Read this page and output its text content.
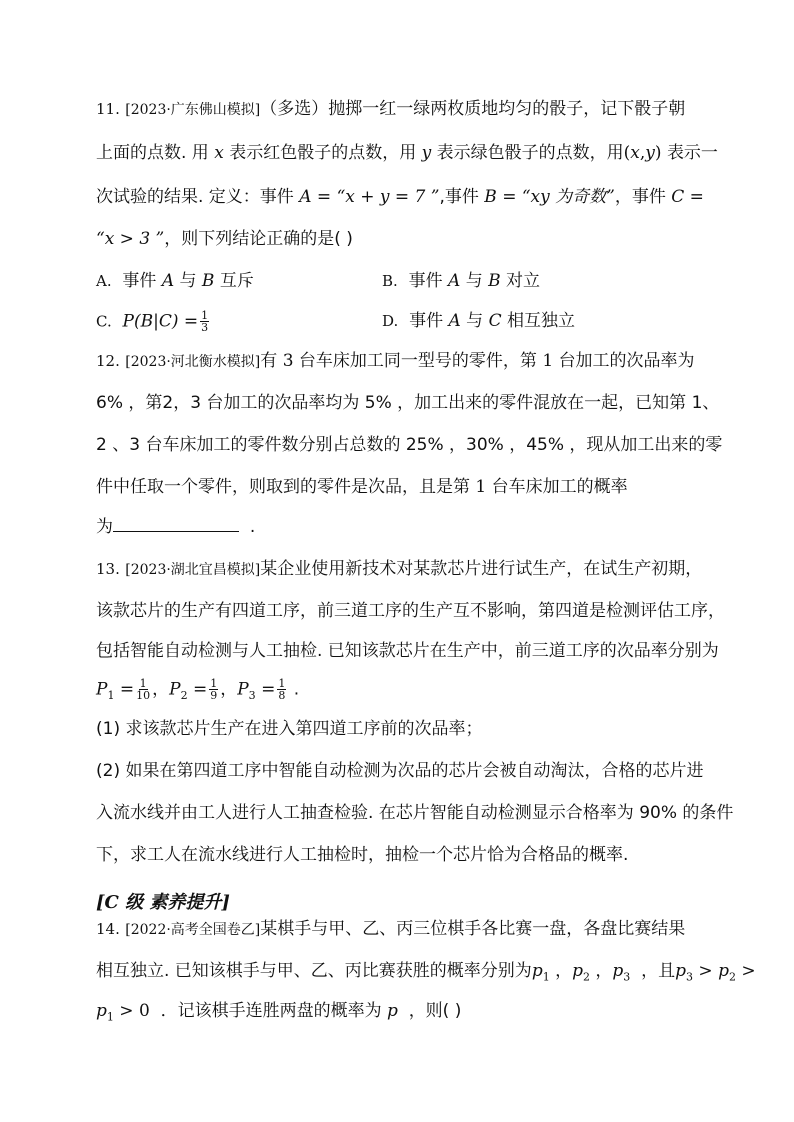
11. [2023·广东佛山模拟]（多选）抛掷一红一绿两枚质地均匀的骰子，记下骰子朝
上面的点数. 用 x 表示红色骰子的点数，用 y 表示绿色骰子的点数，用(x,y) 表示一
次试验的结果. 定义：事件 A = “x + y = 7 ”,事件 B = “xy 为奇数”，事件 C =
“x > 3 ”，则下列结论正确的是( )
A. 事件 A 与 B 互斥	B. 事件 A 与 B 对立
C. $P(B|C) = \frac{1}{3}$	D. 事件 A 与 C 相互独立
12. [2023·河北衡水模拟]有 3 台车床加工同一型号的零件，第 1 台加工的次品率为
6% ，第2，3 台加工的次品率均为 5% ，加工出来的零件混放在一起，已知第 1、
2 、3 台车床加工的零件数分别占总数的 25% ，30% ，45% ，现从加工出来的零
件中任取一个零件，则取到的零件是次品，且是第 1 台车床加工的概率
为	.
13. [2023·湖北宜昌模拟]某企业使用新技术对某款芯片进行试生产，在试生产初期，
该款芯片的生产有四道工序，前三道工序的生产互不影响，第四道是检测评估工序，
包括智能自动检测与人工抽检. 已知该款芯片在生产中，前三道工序的次品率分别为
$P_1 = \frac{1}{10}$ ，$P_2 = \frac{1}{9}$ ，$P_3 = \frac{1}{8}$ .
(1) 求该款芯片生产在进入第四道工序前的次品率；
(2) 如果在第四道工序中智能自动检测为次品的芯片会被自动淘汰，合格的芯片进
入流水线并由工人进行人工抽查检验. 在芯片智能自动检测显示合格率为 90% 的条件
下，求工人在流水线进行人工抽检时，抽检一个芯片恰为合格品的概率.
[C 级 素养提升]
14. [2022·高考全国卷乙]某棋手与甲、乙、丙三位棋手各比赛一盘，各盘比赛结果
相互独立. 已知该棋手与甲、乙、丙比赛获胜的概率分别为$p_1$ ，$p_2$ ，$p_3$ ，且$p_3 > p_2$ >
$p_1 > 0$ ．记该棋手连胜两盘的概率为 p ，则( )
